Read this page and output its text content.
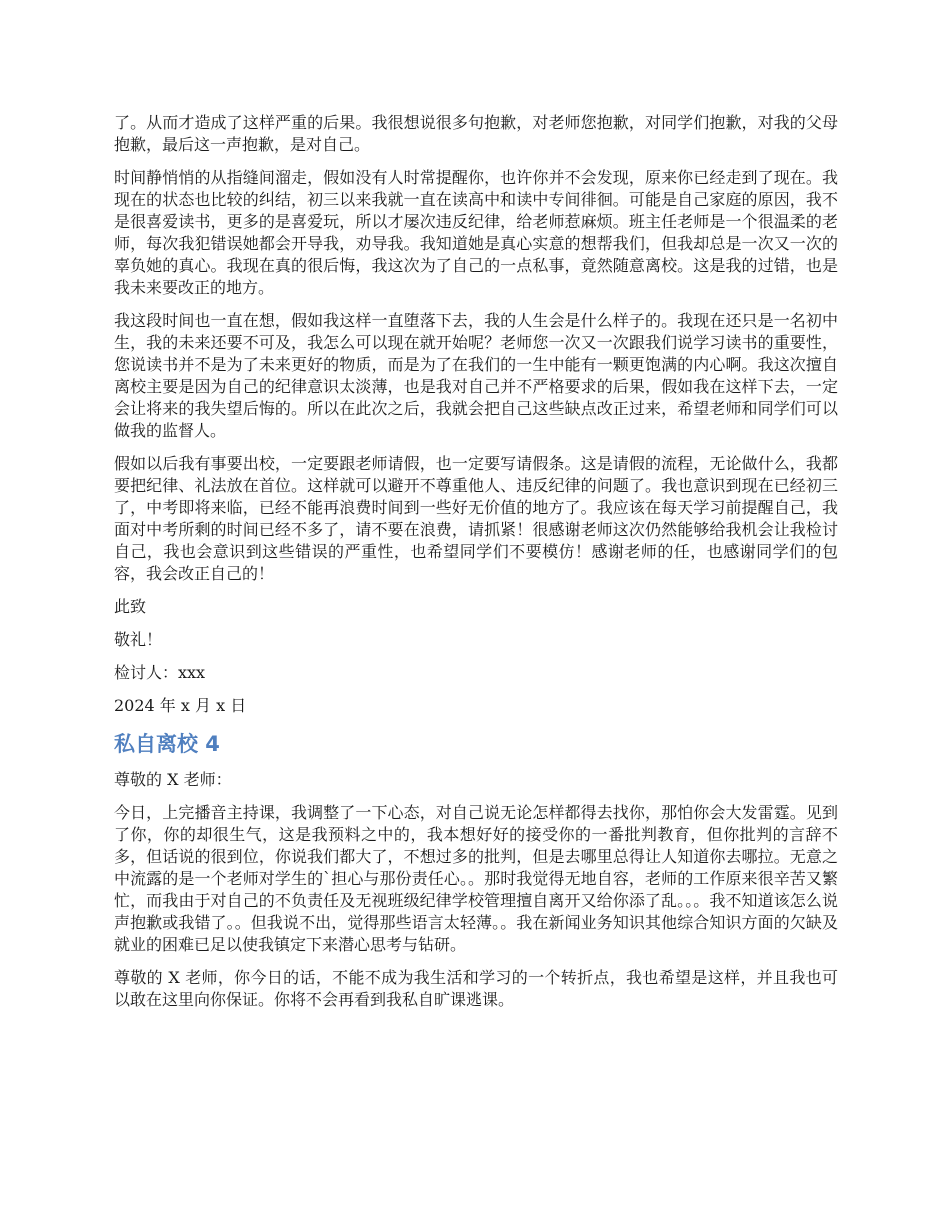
了。从而才造成了这样严重的后果。我很想说很多句抱歉，对老师您抱歉，对同学们抱歉，对我的父母抱歉，最后这一声抱歉，是对自己。

时间静悄悄的从指缝间溜走，假如没有人时常提醒你，也许你并不会发现，原来你已经走到了现在。我现在的状态也比较的纠结，初三以来我就一直在读高中和读中专间徘徊。可能是自己家庭的原因，我不是很喜爱读书，更多的是喜爱玩，所以才屡次违反纪律，给老师惹麻烦。班主任老师是一个很温柔的老师，每次我犯错误她都会开导我，劝导我。我知道她是真心实意的想帮我们，但我却总是一次又一次的辜负她的真心。我现在真的很后悔，我这次为了自己的一点私事，竟然随意离校。这是我的过错，也是我未来要改正的地方。

我这段时间也一直在想，假如我这样一直堕落下去，我的人生会是什么样子的。我现在还只是一名初中生，我的未来还要不可及，我怎么可以现在就开始呢？老师您一次又一次跟我们说学习读书的重要性，您说读书并不是为了未来更好的物质，而是为了在我们的一生中能有一颗更饱满的内心啊。我这次擅自离校主要是因为自己的纪律意识太淡薄，也是我对自己并不严格要求的后果，假如我在这样下去，一定会让将来的我失望后悔的。所以在此次之后，我就会把自己这些缺点改正过来，希望老师和同学们可以做我的监督人。

假如以后我有事要出校，一定要跟老师请假，也一定要写请假条。这是请假的流程，无论做什么，我都要把纪律、礼法放在首位。这样就可以避开不尊重他人、违反纪律的问题了。我也意识到现在已经初三了，中考即将来临，已经不能再浪费时间到一些好无价值的地方了。我应该在每天学习前提醒自己，我面对中考所剩的时间已经不多了，请不要在浪费，请抓紧！很感谢老师这次仍然能够给我机会让我检讨自己，我也会意识到这些错误的严重性，也希望同学们不要模仿！感谢老师的任，也感谢同学们的包容，我会改正自己的！

此致

敬礼！

检讨人：xxx

2024 年 x 月 x 日

私自离校 4

尊敬的 X 老师：

今日，上完播音主持课，我调整了一下心态，对自己说无论怎样都得去找你，那怕你会大发雷霆。见到了你，你的却很生气，这是我预料之中的，我本想好好的接受你的一番批判教育，但你批判的言辞不多，但话说的很到位，你说我们都大了，不想过多的批判，但是去哪里总得让人知道你去哪拉。无意之中流露的是一个老师对学生的`担心与那份责任心。。那时我觉得无地自容，老师的工作原来很辛苦又繁忙，而我由于对自己的不负责任及无视班级纪律学校管理擅自离开又给你添了乱。。。我不知道该怎么说声抱歉或我错了。。但我说不出，觉得那些语言太轻薄。。我在新闻业务知识其他综合知识方面的欠缺及就业的困难已足以使我镇定下来潜心思考与钻研。

尊敬的 X 老师，你今日的话，不能不成为我生活和学习的一个转折点，我也希望是这样，并且我也可以敢在这里向你保证。你将不会再看到我私自旷课逃课。
